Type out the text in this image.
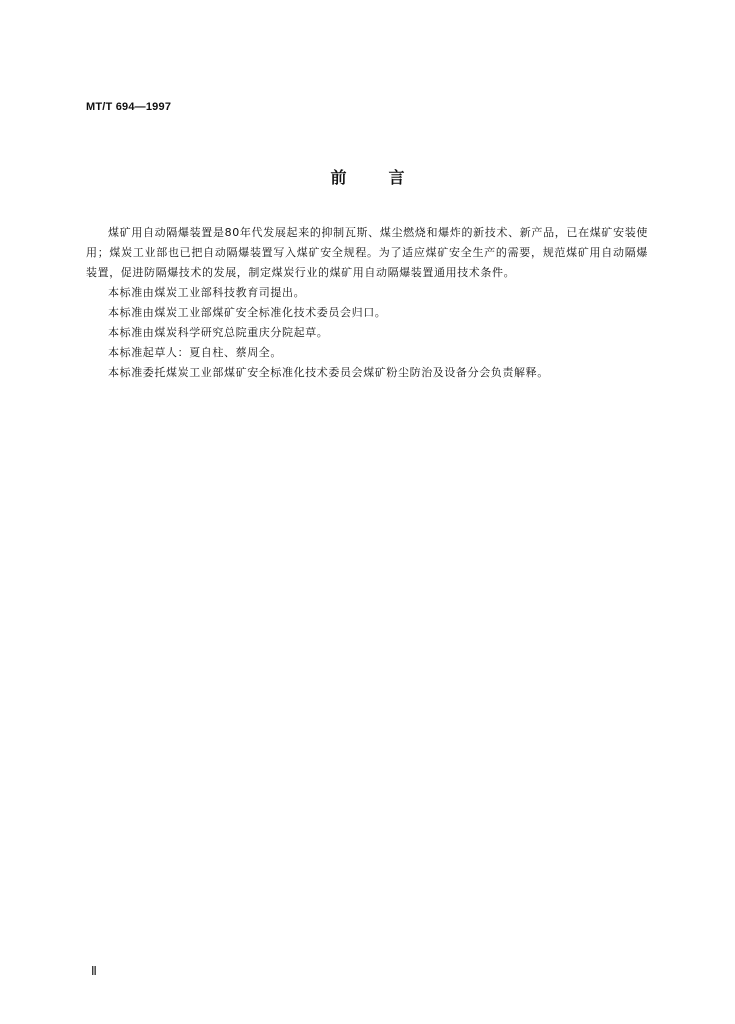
MT/T 694—1997
前	言

煤矿用自动隔爆装置是80年代发展起来的抑制瓦斯、煤尘燃烧和爆炸的新技术、新产品，已在煤矿安装使用；煤炭工业部也已把自动隔爆装置写入煤矿安全规程。为了适应煤矿安全生产的需要，规范煤矿用自动隔爆装置，促进防隔爆技术的发展，制定煤炭行业的煤矿用自动隔爆装置通用技术条件。

本标准由煤炭工业部科技教育司提出。

本标准由煤炭工业部煤矿安全标准化技术委员会归口。

本标准由煤炭科学研究总院重庆分院起草。

本标准起草人：夏自柱、蔡周全。

本标准委托煤炭工业部煤矿安全标准化技术委员会煤矿粉尘防治及设备分会负责解释。

Ⅱ
